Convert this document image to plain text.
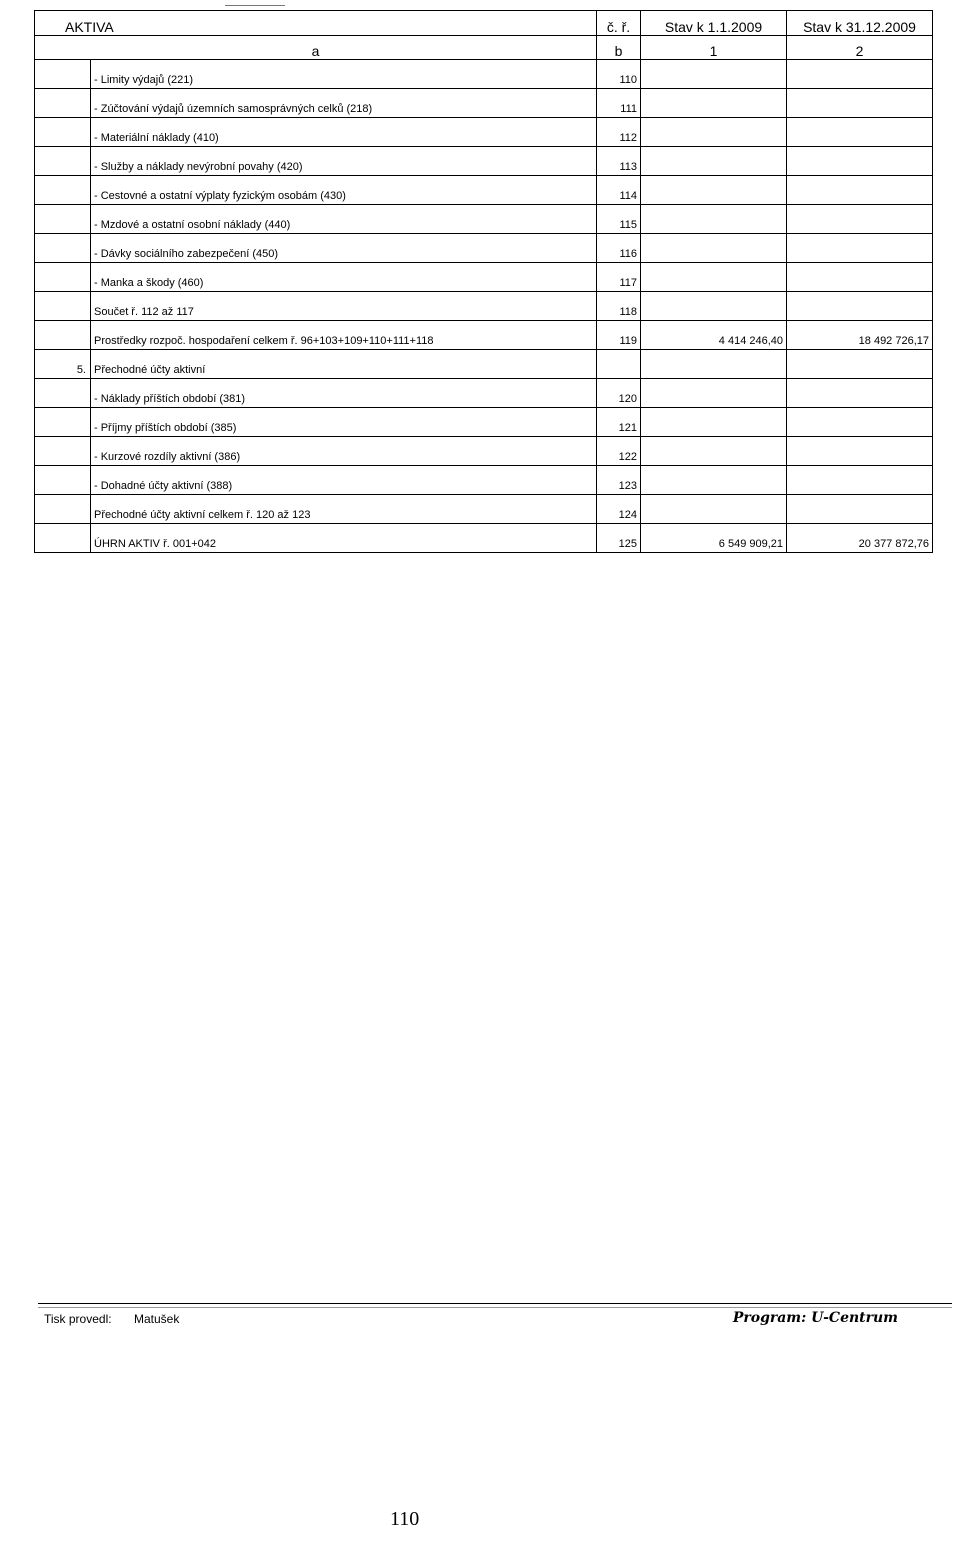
AKTIVA		č. ř.	Stav k 1.1.2009	Stav k 31.12.2009
a		b	1	2
	- Limity výdajů (221)	110		
	- Zúčtování výdajů územních samosprávných celků (218)	111		
	- Materiální náklady (410)	112		
	- Služby a náklady nevýrobní povahy (420)	113		
	- Cestovné a ostatní výplaty fyzickým osobám (430)	114		
	- Mzdové a ostatní osobní náklady (440)	115		
	- Dávky sociálního zabezpečení (450)	116		
	- Manka a škody (460)	117		
	Součet ř. 112 až 117	118		
	Prostředky rozpoč. hospodaření celkem ř. 96+103+109+110+111+118	119	4 414 246,40	18 492 726,17
5.	Přechodné účty aktivní			
	- Náklady příštích období (381)	120		
	- Příjmy příštích období (385)	121		
	- Kurzové rozdíly aktivní (386)	122		
	- Dohadné účty aktivní (388)	123		
	Přechodné účty aktivní celkem ř. 120 až 123	124		
	ÚHRN AKTIV ř. 001+042	125	6 549 909,21	20 377 872,76
Tisk provedl: Matušek	Program: U-Centrum
110
